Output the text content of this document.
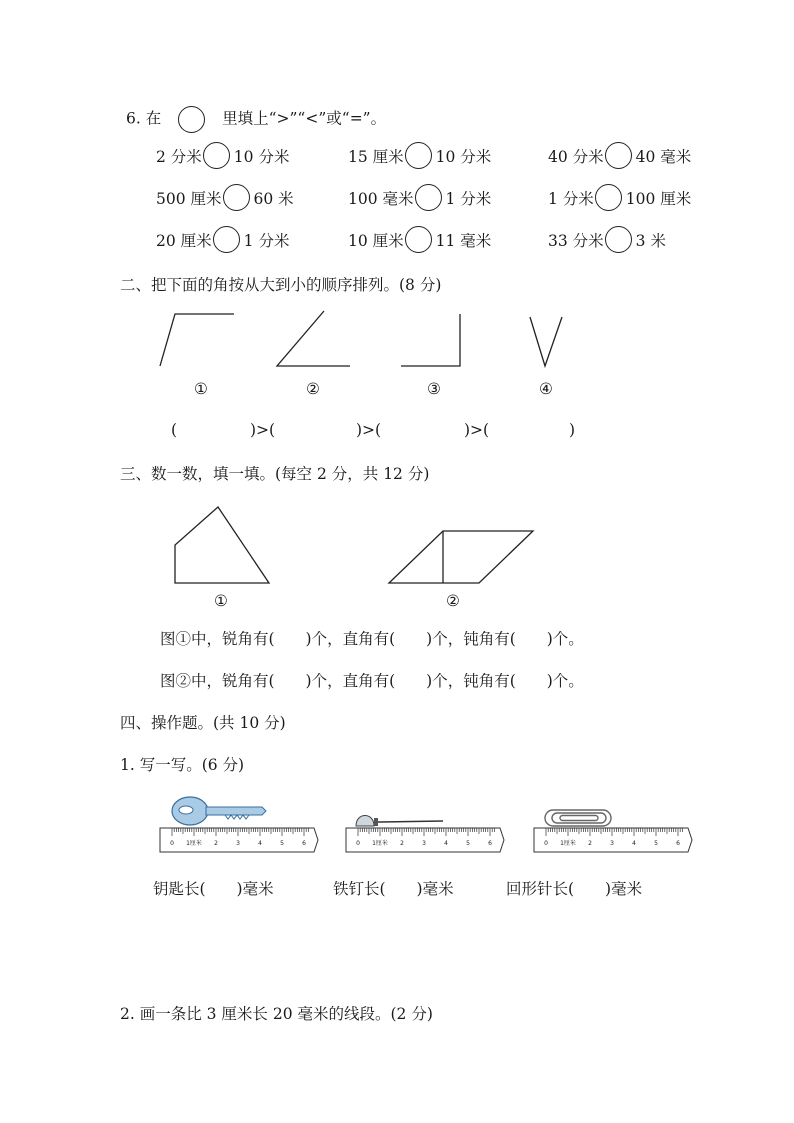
6. 在	里填上“>”“<”或“=”。
2 分米 10 分米	15 厘米 10 分米	40 分米 40 毫米
500 厘米 60 米	100 毫米 1 分米	1 分米 100 厘米
20 厘米 1 分米	10 厘米 11 毫米	33 分米 3 米
二、把下面的角按从大到小的顺序排列。(8 分)
①	②	③	④
(	)>(	)>(	)>(	)
三、数一数，填一填。(每空 2 分，共 12 分)
①	②
图①中，锐角有(　　)个，直角有(　　)个，钝角有(　　)个。
图②中，锐角有(　　)个，直角有(　　)个，钝角有(　　)个。
四、操作题。(共 10 分)
1. 写一写。(6 分)
0 1厘米 2	3	4	5	6	0 1厘米 2	3	4	5	6	0 1厘米 2	3	4	5	6
钥匙长(　　)毫米	铁钉长(　　)毫米	回形针长(　　)毫米
2. 画一条比 3 厘米长 20 毫米的线段。(2 分)
